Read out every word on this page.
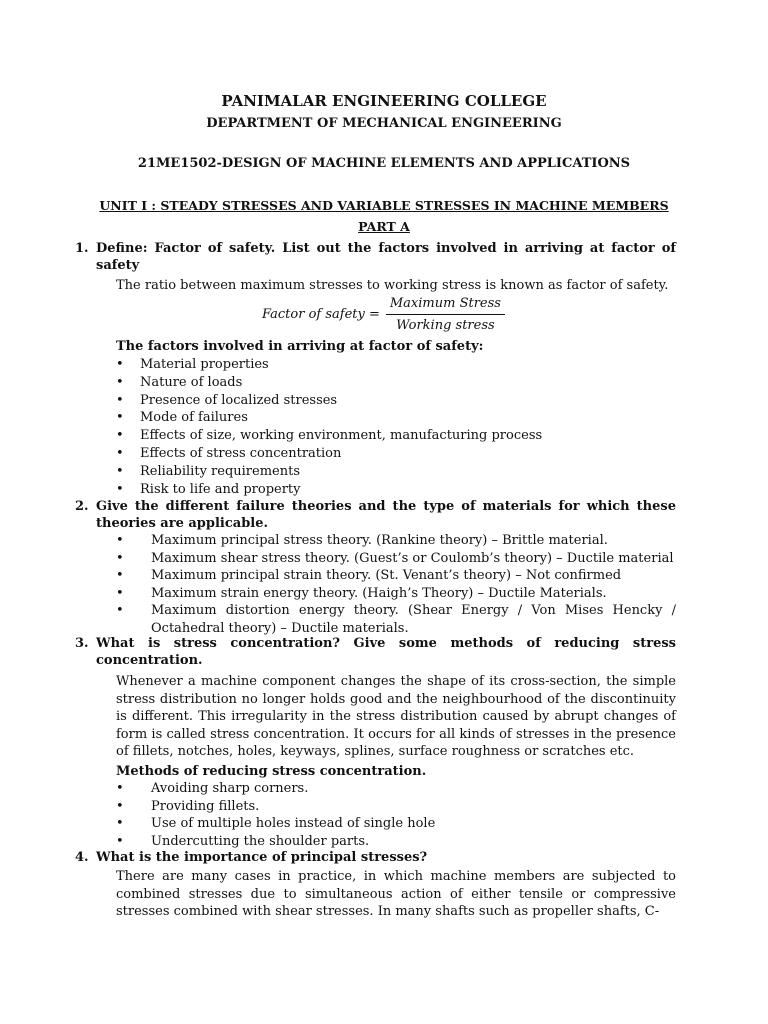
PANIMALAR ENGINEERING COLLEGE
DEPARTMENT OF MECHANICAL ENGINEERING
21ME1502-DESIGN OF MACHINE ELEMENTS AND APPLICATIONS
UNIT I : STEADY STRESSES AND VARIABLE STRESSES IN MACHINE MEMBERS
PART A
1. Define: Factor of safety. List out the factors involved in arriving at factor of safety

The ratio between maximum stresses to working stress is known as factor of safety.

Factor of safety = $\frac{\text{Maximum Stress}}{\text{Working stress}}$

The factors involved in arriving at factor of safety:

• Material properties
• Nature of loads
• Presence of localized stresses
• Mode of failures
• Effects of size, working environment, manufacturing process
• Effects of stress concentration
• Reliability requirements
• Risk to life and property
2. Give the different failure theories and the type of materials for which these theories are applicable.
• Maximum principal stress theory. (Rankine theory) – Brittle material.
• Maximum shear stress theory. (Guest’s or Coulomb’s theory) – Ductile material
• Maximum principal strain theory. (St. Venant’s theory) – Not confirmed
• Maximum strain energy theory. (Haigh’s Theory) – Ductile Materials.
• Maximum distortion energy theory. (Shear Energy / Von Mises Hencky / Octahedral theory) – Ductile materials.
3. What is stress concentration? Give some methods of reducing stress concentration.

Whenever a machine component changes the shape of its cross-section, the simple stress distribution no longer holds good and the neighbourhood of the discontinuity is different. This irregularity in the stress distribution caused by abrupt changes of form is called stress concentration. It occurs for all kinds of stresses in the presence of fillets, notches, holes, keyways, splines, surface roughness or scratches etc.

Methods of reducing stress concentration.

• Avoiding sharp corners.
• Providing fillets.
• Use of multiple holes instead of single hole
• Undercutting the shoulder parts.
4. What is the importance of principal stresses?

There are many cases in practice, in which machine members are subjected to combined stresses due to simultaneous action of either tensile or compressive stresses combined with shear stresses. In many shafts such as propeller shafts, C-
